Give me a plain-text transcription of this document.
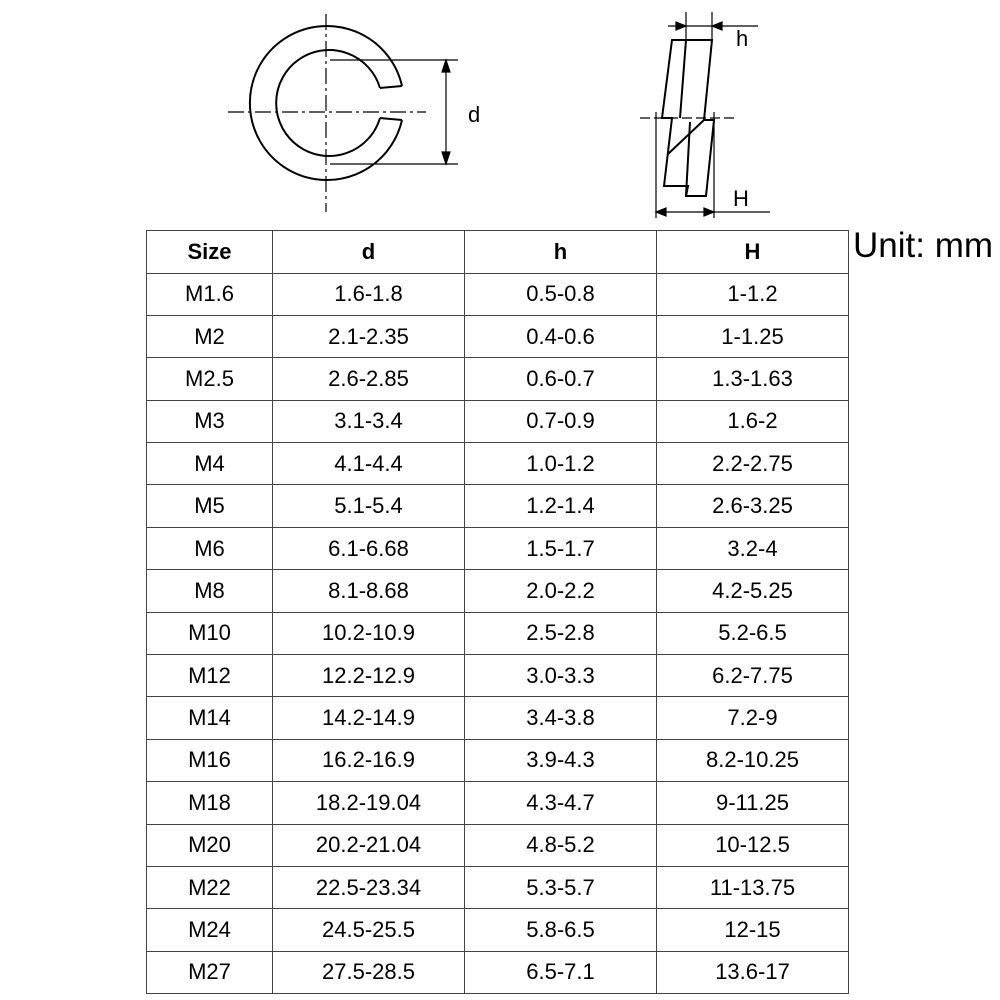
d
h
H
Unit: mm
Size	d	h	H
M1.6	1.6-1.8	0.5-0.8	1-1.2
M2	2.1-2.35	0.4-0.6	1-1.25
M2.5	2.6-2.85	0.6-0.7	1.3-1.63
M3	3.1-3.4	0.7-0.9	1.6-2
M4	4.1-4.4	1.0-1.2	2.2-2.75
M5	5.1-5.4	1.2-1.4	2.6-3.25
M6	6.1-6.68	1.5-1.7	3.2-4
M8	8.1-8.68	2.0-2.2	4.2-5.25
M10	10.2-10.9	2.5-2.8	5.2-6.5
M12	12.2-12.9	3.0-3.3	6.2-7.75
M14	14.2-14.9	3.4-3.8	7.2-9
M16	16.2-16.9	3.9-4.3	8.2-10.25
M18	18.2-19.04	4.3-4.7	9-11.25
M20	20.2-21.04	4.8-5.2	10-12.5
M22	22.5-23.34	5.3-5.7	11-13.75
M24	24.5-25.5	5.8-6.5	12-15
M27	27.5-28.5	6.5-7.1	13.6-17
